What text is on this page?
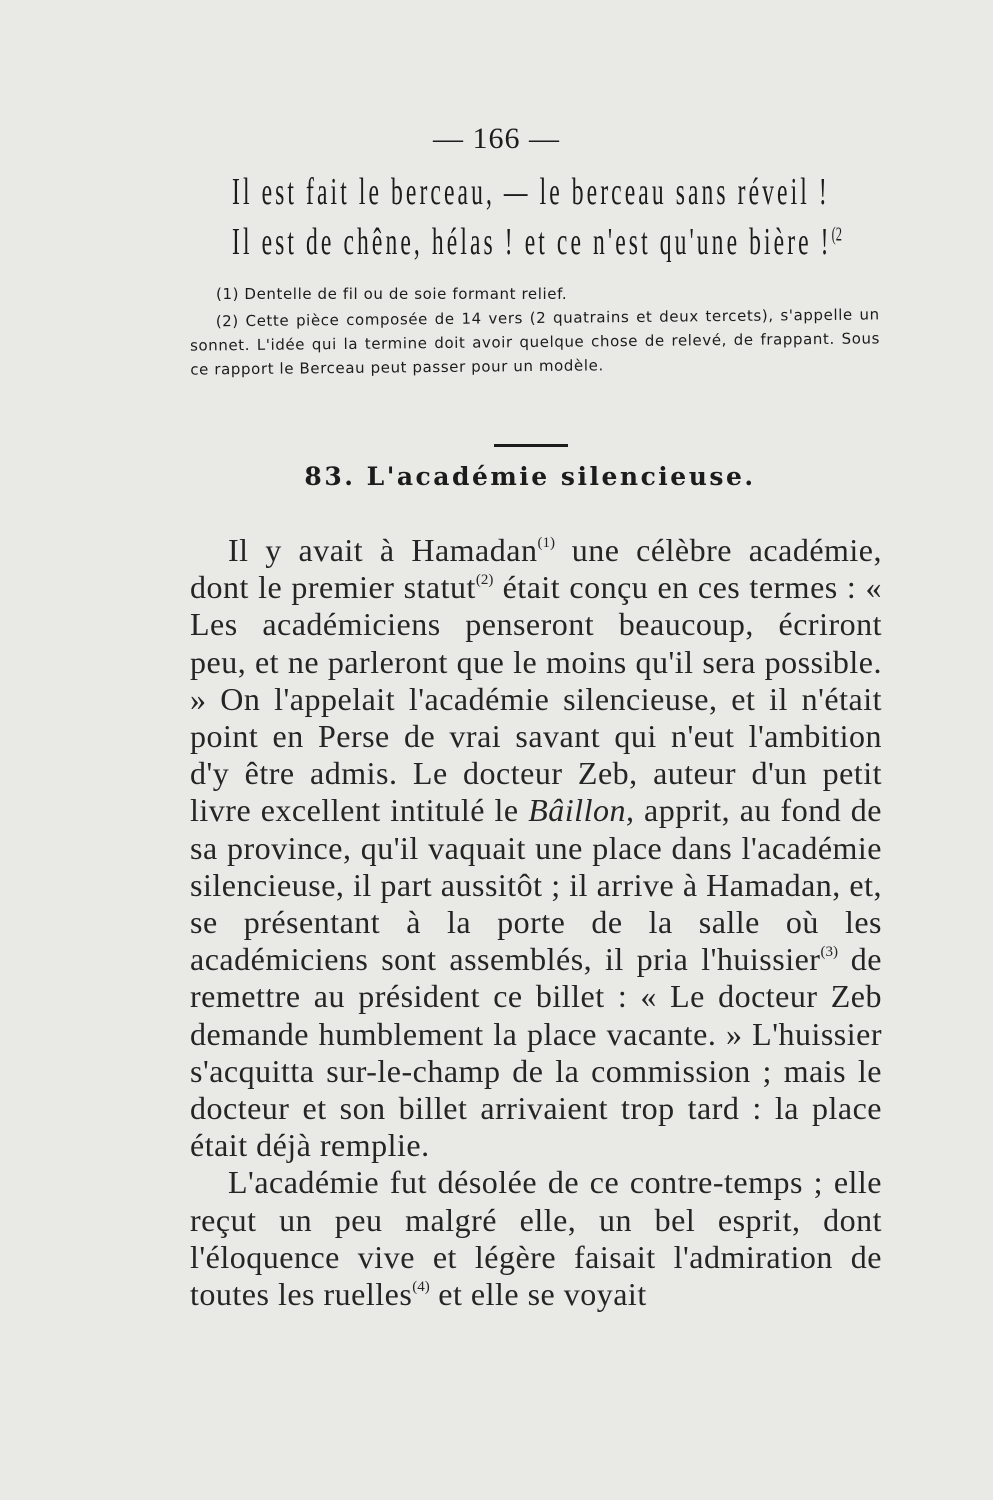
— 166 —
Il est fait le berceau, — le berceau sans réveil !
Il est de chêne, hélas ! et ce n'est qu'une bière !$^{(2}$
(1) Dentelle de fil ou de soie formant relief.
(2) Cette pièce composée de 14 vers (2 quatrains et deux tercets), s'appelle un sonnet. L'idée qui la termine doit avoir quelque chose de relevé, de frappant. Sous ce rapport le Berceau peut passer pour un modèle.
83. L'académie silencieuse.

Il y avait à Hamadan$^{(1)}$ une célèbre académie, dont le premier statut$^{(2)}$ était conçu en ces termes : « Les académiciens penseront beaucoup, écriront peu, et ne parleront que le moins qu'il sera possible. » On l'appelait l'académie silencieuse, et il n'était point en Perse de vrai savant qui n'eut l'ambition d'y être admis. Le docteur Zeb, auteur d'un petit livre excellent intitulé le Bâillon, apprit, au fond de sa province, qu'il vaquait une place dans l'académie silencieuse, il part aussitôt ; il arrive à Hamadan, et, se présentant à la porte de la salle où les académiciens sont assemblés, il pria l'huissier$^{(3)}$ de remettre au président ce billet : « Le docteur Zeb demande humblement la place vacante. » L'huissier s'acquitta sur-le-champ de la commission ; mais le docteur et son billet arrivaient trop tard : la place était déjà remplie.

L'académie fut désolée de ce contre-temps ; elle reçut un peu malgré elle, un bel esprit, dont l'éloquence vive et légère faisait l'admiration de toutes les ruelles$^{(4)}$ et elle se voyait
